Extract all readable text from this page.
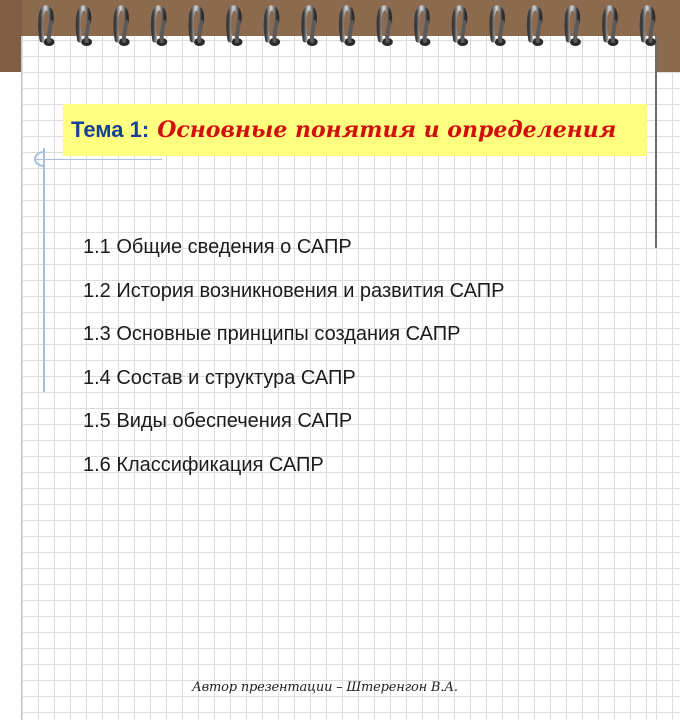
Тема 1: Основные понятия и определения
1.1 Общие сведения о САПР
1.2 История возникновения и развития САПР
1.3 Основные принципы создания САПР
1.4 Состав и структура САПР
1.5 Виды обеспечения САПР
1.6 Классификация САПР
Автор презентации – Штеренгон В.А.
